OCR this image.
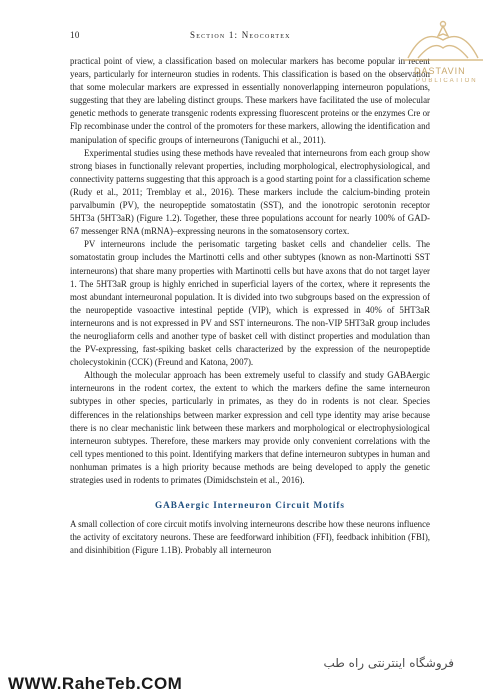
10	Section 1: Neocortex

practical point of view, a classification based on molecular markers has become popular in recent years, particularly for interneuron studies in rodents. This classification is based on the observation that some molecular markers are expressed in essentially nonoverlapping interneuron populations, suggesting that they are labeling distinct groups. These markers have facilitated the use of molecular genetic methods to generate transgenic rodents expressing fluorescent proteins or the enzymes Cre or Flp recombinase under the control of the promoters for these markers, allowing the identification and manipulation of specific groups of interneurons (Taniguchi et al., 2011).

Experimental studies using these methods have revealed that interneurons from each group show strong biases in functionally relevant properties, including morphological, electrophysiological, and connectivity patterns suggesting that this approach is a good starting point for a classification scheme (Rudy et al., 2011; Tremblay et al., 2016). These markers include the calcium-binding protein parvalbumin (PV), the neuropeptide somatostatin (SST), and the ionotropic serotonin receptor 5HT3a (5HT3aR) (Figure 1.2). Together, these three populations account for nearly 100% of GAD-67 messenger RNA (mRNA)–expressing neurons in the somatosensory cortex.

PV interneurons include the perisomatic targeting basket cells and chandelier cells. The somatostatin group includes the Martinotti cells and other subtypes (known as non-Martinotti SST interneurons) that share many properties with Martinotti cells but have axons that do not target layer 1. The 5HT3aR group is highly enriched in superficial layers of the cortex, where it represents the most abundant interneuronal population. It is divided into two subgroups based on the expression of the neuropeptide vasoactive intestinal peptide (VIP), which is expressed in 40% of 5HT3aR interneurons and is not expressed in PV and SST interneurons. The non-VIP 5HT3aR group includes the neurogliaform cells and another type of basket cell with distinct properties and modulation than the PV-expressing, fast-spiking basket cells characterized by the expression of the neuropeptide cholecystokinin (CCK) (Freund and Katona, 2007).

Although the molecular approach has been extremely useful to classify and study GABAergic interneurons in the rodent cortex, the extent to which the markers define the same interneuron subtypes in other species, particularly in primates, as they do in rodents is not clear. Species differences in the relationships between marker expression and cell type identity may arise because there is no clear mechanistic link between these markers and morphological or electrophysiological interneuron subtypes. Therefore, these markers may provide only convenient correlations with the cell types mentioned to this point. Identifying markers that define interneuron subtypes in human and nonhuman primates is a high priority because methods are being developed to apply the genetic strategies used in rodents to primates (Dimidschstein et al., 2016).

GABAergic Interneuron Circuit Motifs

A small collection of core circuit motifs involving interneurons describe how these neurons influence the activity of excitatory neurons. These are feedforward inhibition (FFI), feedback inhibition (FBI), and disinhibition (Figure 1.1B). Probably all interneuron

DASTAVIN
PUBLICATION
فروشگاه اینترنتی راه طب
WWW.RaheTeb.COM
